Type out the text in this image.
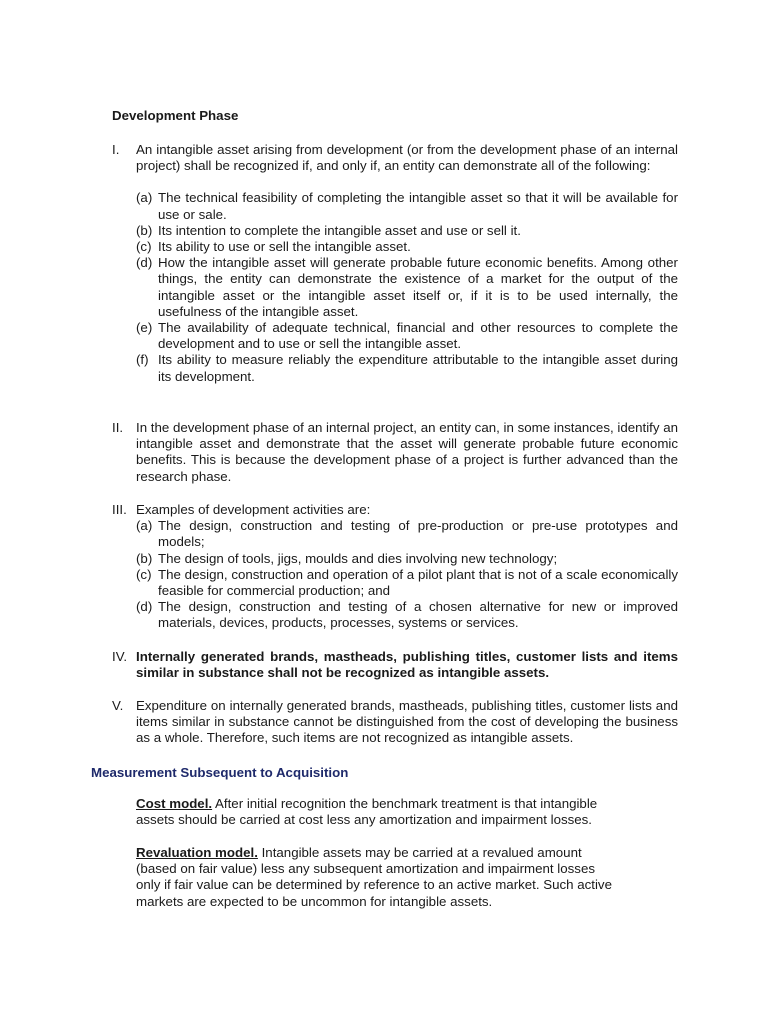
Development Phase
I.	An intangible asset arising from development (or from the development phase of an internal project) shall be recognized if, and only if, an entity can demonstrate all of the following:
(a) The technical feasibility of completing the intangible asset so that it will be available for use or sale.
(b) Its intention to complete the intangible asset and use or sell it.
(c) Its ability to use or sell the intangible asset.
(d) How the intangible asset will generate probable future economic benefits. Among other things, the entity can demonstrate the existence of a market for the output of the intangible asset or the intangible asset itself or, if it is to be used internally, the usefulness of the intangible asset.
(e) The availability of adequate technical, financial and other resources to complete the development and to use or sell the intangible asset.
(f) Its ability to measure reliably the expenditure attributable to the intangible asset during its development.
II. In the development phase of an internal project, an entity can, in some instances, identify an intangible asset and demonstrate that the asset will generate probable future economic benefits. This is because the development phase of a project is further advanced than the research phase.
III. Examples of development activities are:
(a) The design, construction and testing of pre-production or pre-use prototypes and models;
(b) The design of tools, jigs, moulds and dies involving new technology;
(c) The design, construction and operation of a pilot plant that is not of a scale economically feasible for commercial production; and
(d) The design, construction and testing of a chosen alternative for new or improved materials, devices, products, processes, systems or services.
IV. Internally generated brands, mastheads, publishing titles, customer lists and items similar in substance shall not be recognized as intangible assets.
V. Expenditure on internally generated brands, mastheads, publishing titles, customer lists and items similar in substance cannot be distinguished from the cost of developing the business as a whole. Therefore, such items are not recognized as intangible assets.
Measurement Subsequent to Acquisition
Cost model. After initial recognition the benchmark treatment is that intangible assets should be carried at cost less any amortization and impairment losses.
Revaluation model. Intangible assets may be carried at a revalued amount (based on fair value) less any subsequent amortization and impairment losses only if fair value can be determined by reference to an active market. Such active markets are expected to be uncommon for intangible assets.
